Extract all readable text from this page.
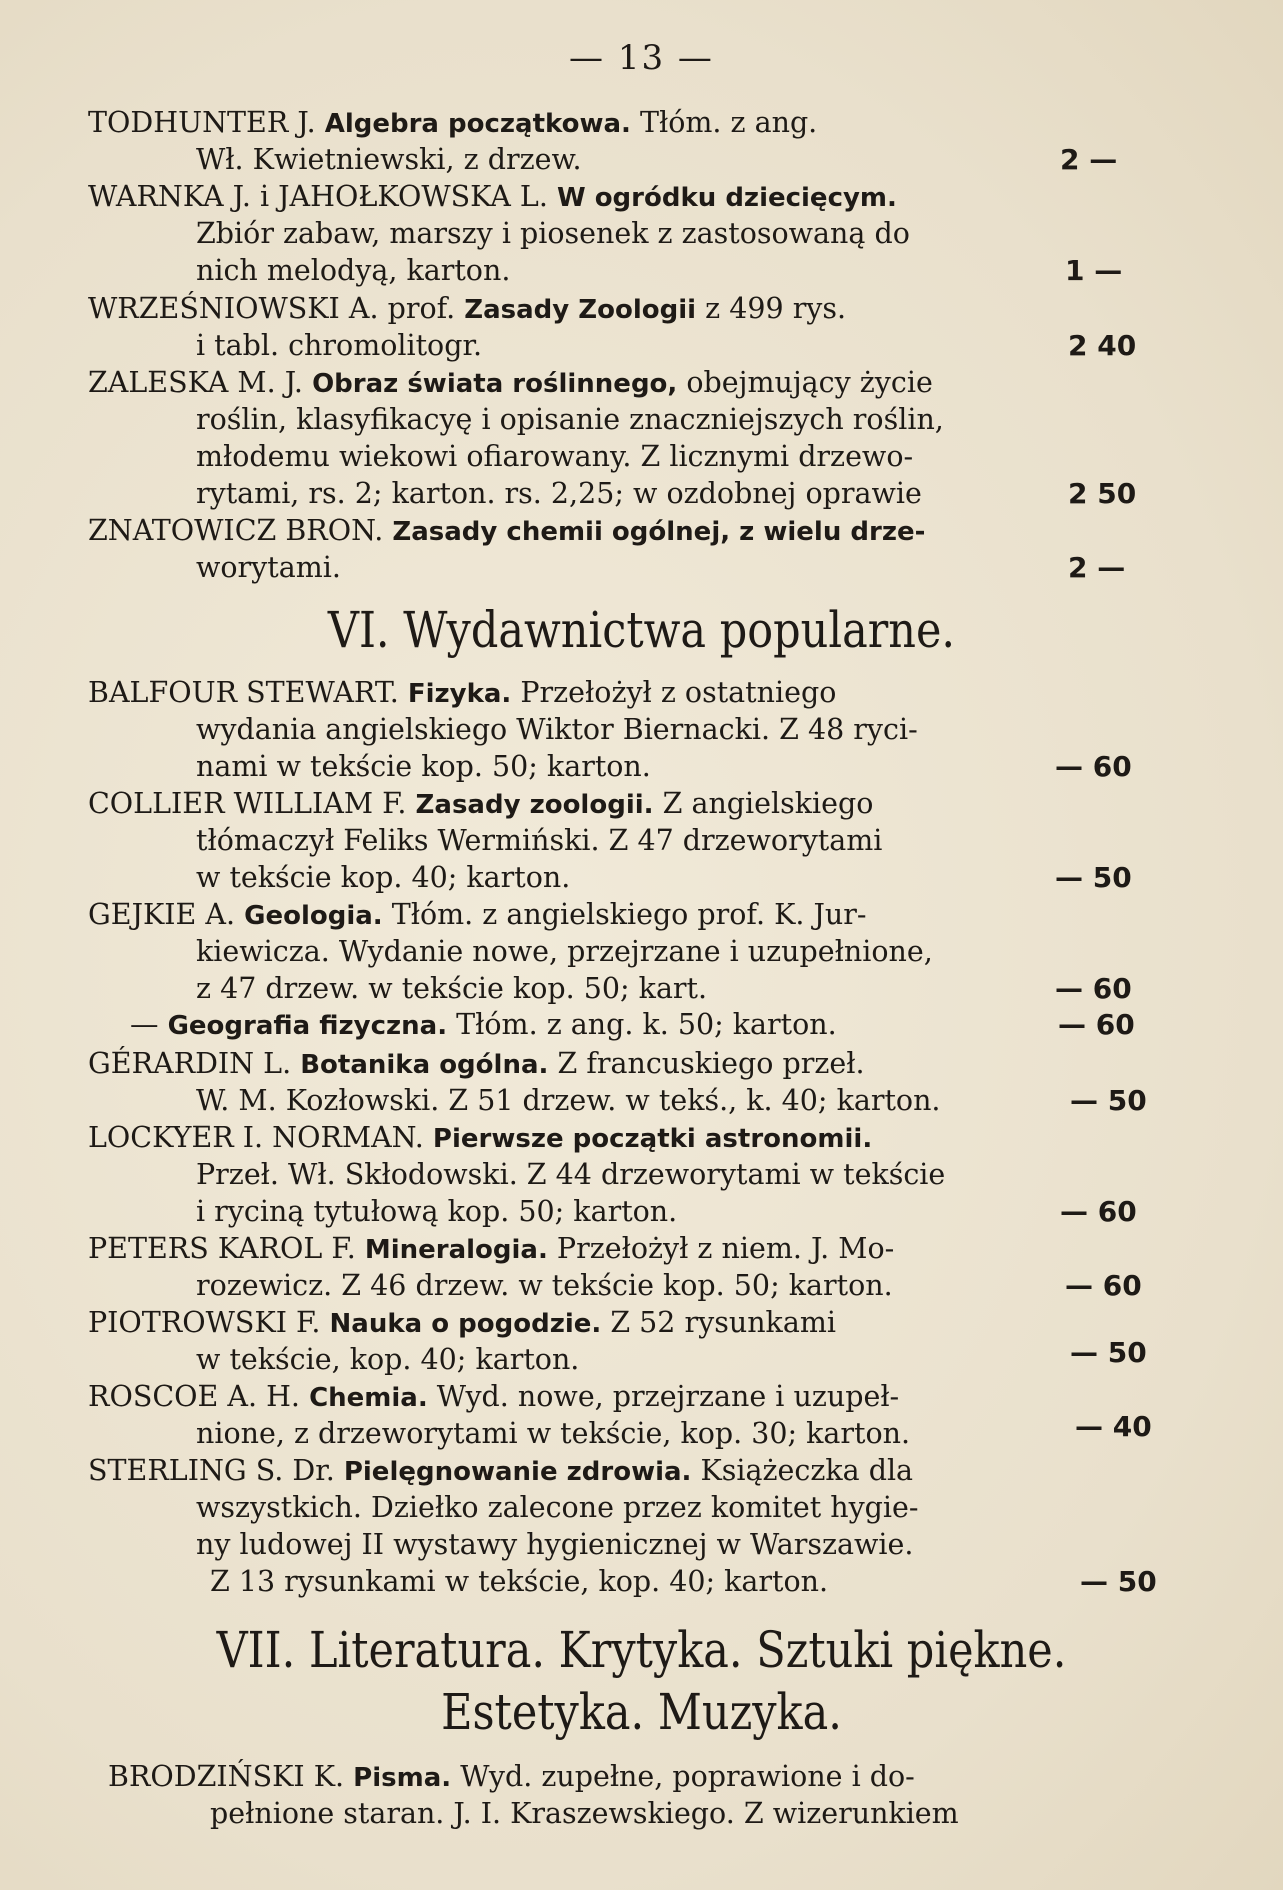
— 13 —
TODHUNTER J. Algebra początkowa. Tłóm. z ang.
Wł. Kwietniewski, z drzew.	2 —
WARNKA J. i JAHOŁKOWSKA L. W ogródku dziecięcym.
Zbiór zabaw, marszy i piosenek z zastosowaną do
nich melodyą, karton.	1 —
WRZEŚNIOWSKI A. prof. Zasady Zoologii z 499 rys.
i tabl. chromolitogr.	2 40
ZALESKA M. J. Obraz świata roślinnego, obejmujący życie
roślin, klasyfikacyę i opisanie znaczniejszych roślin,
młodemu wiekowi ofiarowany. Z licznymi drzewo-
rytami, rs. 2; karton. rs. 2,25; w ozdobnej oprawie	2 50
ZNATOWICZ BRON. Zasady chemii ogólnej, z wielu drze-
worytami.	2 —
VI. Wydawnictwa popularne.
BALFOUR STEWART. Fizyka. Przełożył z ostatniego
wydania angielskiego Wiktor Biernacki. Z 48 ryci-
nami w tekście kop. 50; karton.	— 60
COLLIER WILLIAM F. Zasady zoologii. Z angielskiego
tłómaczył Feliks Wermiński. Z 47 drzeworytami
w tekście kop. 40; karton.	— 50
GEJKIE A. Geologia. Tłóm. z angielskiego prof. K. Jur-
kiewicza. Wydanie nowe, przejrzane i uzupełnione,
z 47 drzew. w tekście kop. 50; kart.	— 60
— Geografia fizyczna. Tłóm. z ang. k. 50; karton.	— 60
GÉRARDIN L. Botanika ogólna. Z francuskiego przeł.
W. M. Kozłowski. Z 51 drzew. w tekś., k. 40; karton.	— 50
LOCKYER I. NORMAN. Pierwsze początki astronomii.
Przeł. Wł. Skłodowski. Z 44 drzeworytami w tekście
i ryciną tytułową kop. 50; karton.	— 60
PETERS KAROL F. Mineralogia. Przełożył z niem. J. Mo-
rozewicz. Z 46 drzew. w tekście kop. 50; karton.	— 60
PIOTROWSKI F. Nauka o pogodzie. Z 52 rysunkami
w tekście, kop. 40; karton.	— 50
ROSCOE A. H. Chemia. Wyd. nowe, przejrzane i uzupeł-
nione, z drzeworytami w tekście, kop. 30; karton.	— 40
STERLING S. Dr. Pielęgnowanie zdrowia. Książeczka dla
wszystkich. Dziełko zalecone przez komitet hygie-
ny ludowej II wystawy hygienicznej w Warszawie.
Z 13 rysunkami w tekście, kop. 40; karton.	— 50
VII. Literatura. Krytyka. Sztuki piękne.
Estetyka. Muzyka.
BRODZIŃSKI K. Pisma. Wyd. zupełne, poprawione i do-
pełnione staran. J. I. Kraszewskiego. Z wizerunkiem
